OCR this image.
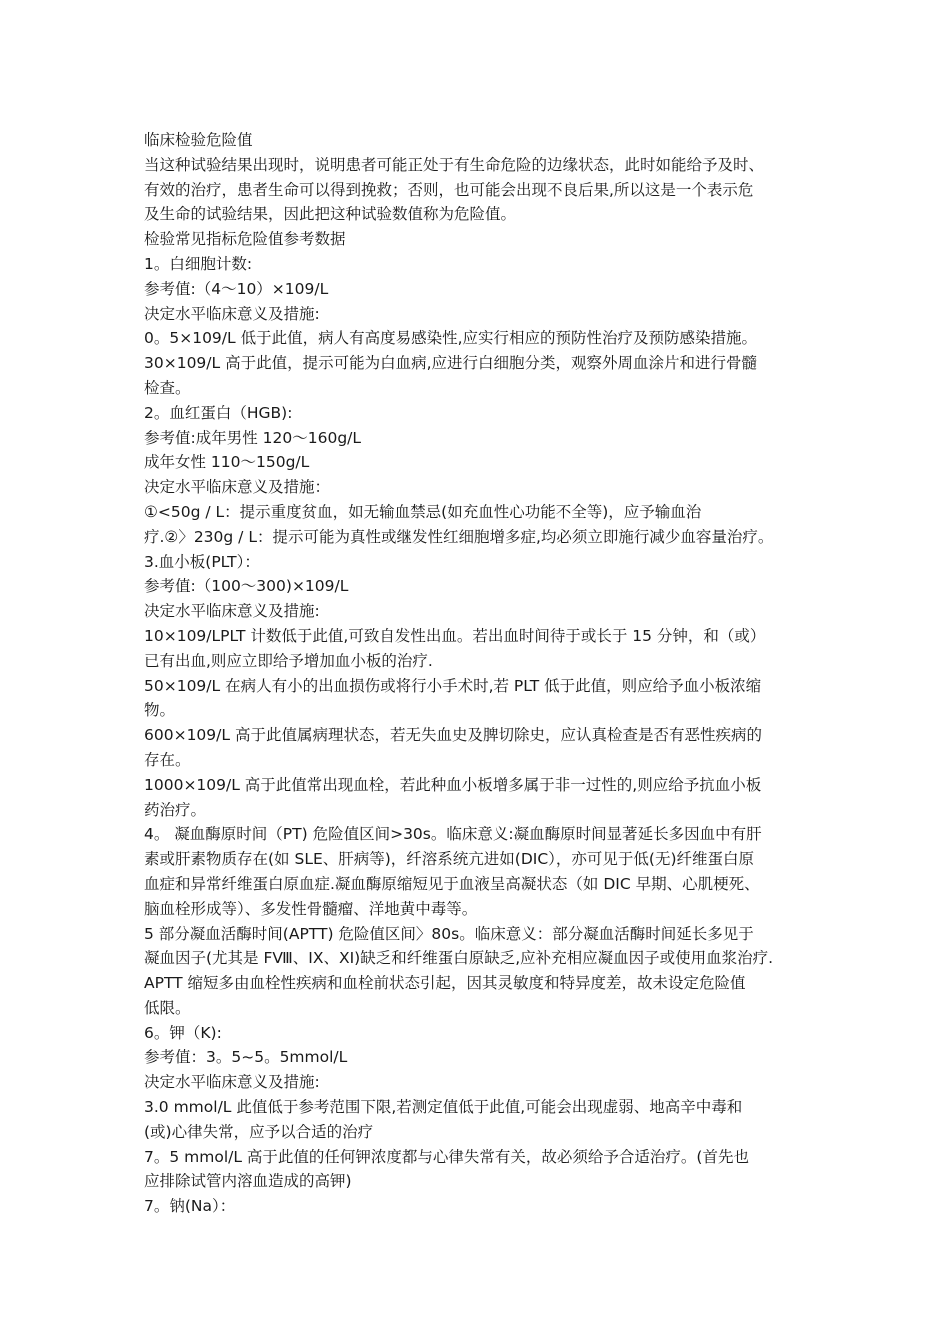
临床检验危险值
当这种试验结果出现时，说明患者可能正处于有生命危险的边缘状态，此时如能给予及时、
有效的治疗，患者生命可以得到挽救；否则，也可能会出现不良后果,所以这是一个表示危
及生命的试验结果，因此把这种试验数值称为危险值。
检验常见指标危险值参考数据
1。白细胞计数:
参考值:（4～10）×109/L
决定水平临床意义及措施:
0。5×109/L 低于此值，病人有高度易感染性,应实行相应的预防性治疗及预防感染措施。
30×109/L 高于此值，提示可能为白血病,应进行白细胞分类，观察外周血涂片和进行骨髓
检查。
2。血红蛋白（HGB):
参考值:成年男性 120～160g/L
成年女性 110～150g/L
决定水平临床意义及措施：
①<50g / L：提示重度贫血，如无输血禁忌(如充血性心功能不全等)，应予输血治
疗.②〉230g / L：提示可能为真性或继发性红细胞增多症,均必须立即施行减少血容量治疗。
3.血小板(PLT）：
参考值:（100～300)×109/L
决定水平临床意义及措施:
10×109/LPLT 计数低于此值,可致自发性出血。若出血时间待于或长于 15 分钟，和（或）
已有出血,则应立即给予增加血小板的治疗.
50×109/L 在病人有小的出血损伤或将行小手术时,若 PLT 低于此值，则应给予血小板浓缩
物。
600×109/L 高于此值属病理状态，若无失血史及脾切除史，应认真检查是否有恶性疾病的
存在。
1000×109/L 高于此值常出现血栓，若此种血小板增多属于非一过性的,则应给予抗血小板
药治疗。
4。 凝血酶原时间（PT) 危险值区间>30s。临床意义:凝血酶原时间显著延长多因血中有肝
素或肝素物质存在(如 SLE、肝病等)，纤溶系统亢进如(DIC），亦可见于低(无)纤维蛋白原
血症和异常纤维蛋白原血症.凝血酶原缩短见于血液呈高凝状态（如 DIC 早期、心肌梗死、
脑血栓形成等）、多发性骨髓瘤、洋地黄中毒等。
5 部分凝血活酶时间(APTT) 危险值区间〉80s。临床意义：部分凝血活酶时间延长多见于
凝血因子(尤其是 FⅧ、IX、XI)缺乏和纤维蛋白原缺乏,应补充相应凝血因子或使用血浆治疗.
APTT 缩短多由血栓性疾病和血栓前状态引起，因其灵敏度和特异度差，故未设定危险值
低限。
6。钾（K):
参考值：3。5~5。5mmol/L
决定水平临床意义及措施:
3.0 mmol/L 此值低于参考范围下限,若测定值低于此值,可能会出现虚弱、地高辛中毒和
(或)心律失常，应予以合适的治疗
7。5 mmol/L 高于此值的任何钾浓度都与心律失常有关，故必须给予合适治疗。(首先也
应排除试管内溶血造成的高钾)
7。钠(Na）：
